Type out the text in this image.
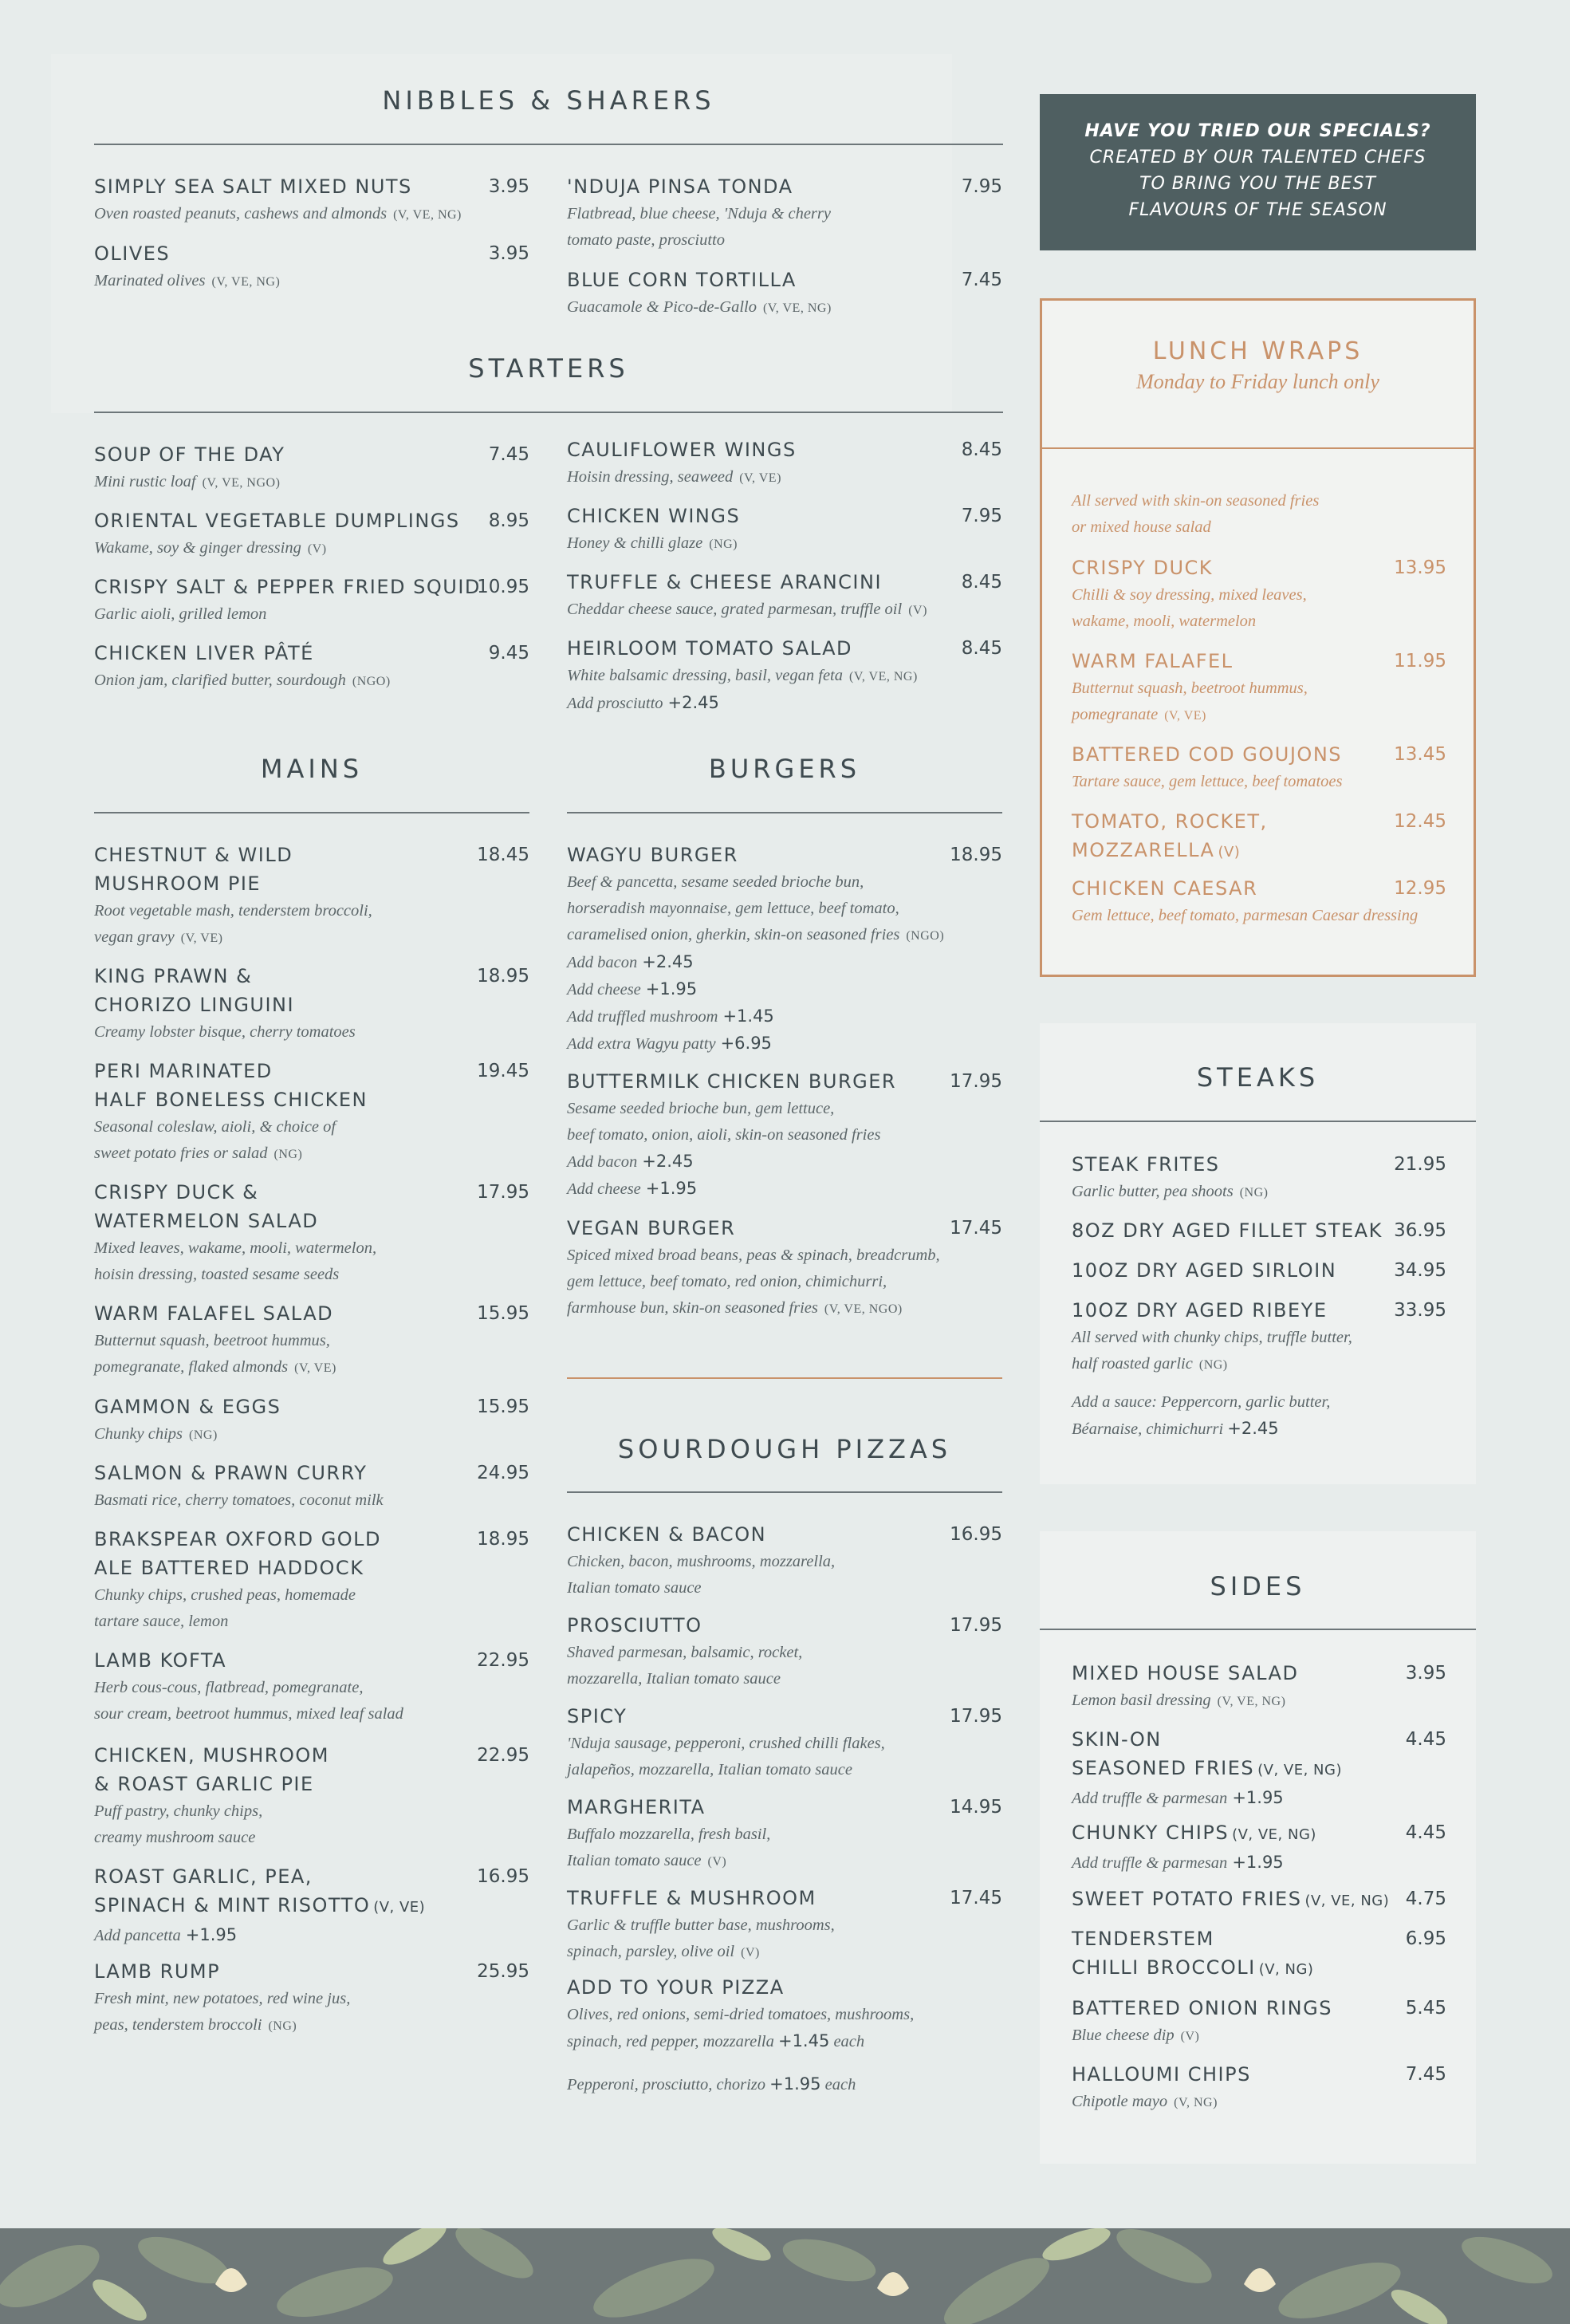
NIBBLES & SHARERS
STARTERS
MAINS	BURGERS
SOURDOUGH PIZZAS
ADD TO YOUR PIZZA
Olives, red onions, semi-dried tomatoes, mushrooms,
spinach, red pepper, mozzarella +1.45 each
Pepperoni, prosciutto, chorizo +1.95 each
HAVE YOU TRIED OUR SPECIALS?
CREATED BY OUR TALENTED CHEFS
TO BRING YOU THE BEST
FLAVOURS OF THE SEASON
LUNCH WRAPS
Monday to Friday lunch only
All served with skin-on seasoned fries
or mixed house salad
STEAKS
Add a sauce: Peppercorn, garlic butter,
Béarnaise, chimichurri +2.45
SIDES
SIMPLY SEA SALT MIXED NUTS	3.95
Oven roasted peanuts, cashews and almonds (V, VE, NG)
OLIVES	3.95
Marinated olives (V, VE, NG)
'NDUJA PINSA TONDA	7.95
Flatbread, blue cheese, 'Nduja & cherry
tomato paste, prosciutto
BLUE CORN TORTILLA	7.45
Guacamole & Pico-de-Gallo (V, VE, NG)
SOUP OF THE DAY	7.45
Mini rustic loaf (V, VE, NGO)
ORIENTAL VEGETABLE DUMPLINGS	8.95
Wakame, soy & ginger dressing (V)
CRISPY SALT & PEPPER FRIED SQUID
10.95
Garlic aioli, grilled lemon
CHICKEN LIVER PÂTÉ	9.45
Onion jam, clarified butter, sourdough (NGO)
CAULIFLOWER WINGS	8.45
Hoisin dressing, seaweed (V, VE)
CHICKEN WINGS	7.95
Honey & chilli glaze (NG)
TRUFFLE & CHEESE ARANCINI	8.45
Cheddar cheese sauce, grated parmesan, truffle oil (V)
HEIRLOOM TOMATO SALAD	8.45
White balsamic dressing, basil, vegan feta (V, VE, NG)
Add prosciutto +2.45
CHESTNUT & WILD
MUSHROOM PIE
18.45
Root vegetable mash, tenderstem broccoli,
vegan gravy (V, VE)
KING PRAWN &
CHORIZO LINGUINI
18.95
Creamy lobster bisque, cherry tomatoes
PERI MARINATED
HALF BONELESS CHICKEN
19.45
Seasonal coleslaw, aioli, & choice of
sweet potato fries or salad (NG)
CRISPY DUCK &
WATERMELON SALAD
17.95
Mixed leaves, wakame, mooli, watermelon,
hoisin dressing, toasted sesame seeds
WARM FALAFEL SALAD	15.95
Butternut squash, beetroot hummus,
pomegranate, flaked almonds (V, VE)
GAMMON & EGGS	15.95
Chunky chips (NG)
SALMON & PRAWN CURRY	24.95
Basmati rice, cherry tomatoes, coconut milk
BRAKSPEAR OXFORD GOLD
ALE BATTERED HADDOCK
18.95
Chunky chips, crushed peas, homemade
tartare sauce, lemon
LAMB KOFTA	22.95
Herb cous-cous, flatbread, pomegranate,
sour cream, beetroot hummus, mixed leaf salad
CHICKEN, MUSHROOM
& ROAST GARLIC PIE
22.95
Puff pastry, chunky chips,
creamy mushroom sauce
ROAST GARLIC, PEA,
SPINACH & MINT RISOTTO (V, VE)
16.95
Add pancetta +1.95
LAMB RUMP	25.95
Fresh mint, new potatoes, red wine jus,
peas, tenderstem broccoli (NG)
WAGYU BURGER	18.95
Beef & pancetta, sesame seeded brioche bun,
horseradish mayonnaise, gem lettuce, beef tomato,
caramelised onion, gherkin, skin-on seasoned fries (NGO)
Add bacon +2.45
Add cheese +1.95
Add truffled mushroom +1.45
Add extra Wagyu patty +6.95
BUTTERMILK CHICKEN BURGER	17.95
Sesame seeded brioche bun, gem lettuce,
beef tomato, onion, aioli, skin-on seasoned fries
Add bacon +2.45
Add cheese +1.95
VEGAN BURGER	17.45
Spiced mixed broad beans, peas & spinach, breadcrumb,
gem lettuce, beef tomato, red onion, chimichurri,
farmhouse bun, skin-on seasoned fries (V, VE, NGO)
CHICKEN & BACON	16.95
Chicken, bacon, mushrooms, mozzarella,
Italian tomato sauce
PROSCIUTTO	17.95
Shaved parmesan, balsamic, rocket,
mozzarella, Italian tomato sauce
SPICY	17.95
'Nduja sausage, pepperoni, crushed chilli flakes,
jalapeños, mozzarella, Italian tomato sauce
MARGHERITA	14.95
Buffalo mozzarella, fresh basil,
Italian tomato sauce (V)
TRUFFLE & MUSHROOM	17.45
Garlic & truffle butter base, mushrooms,
spinach, parsley, olive oil (V)
CRISPY DUCK	13.95
Chilli & soy dressing, mixed leaves,
wakame, mooli, watermelon
WARM FALAFEL	11.95
Butternut squash, beetroot hummus,
pomegranate (V, VE)
BATTERED COD GOUJONS	13.45
Tartare sauce, gem lettuce, beef tomatoes
TOMATO, ROCKET,
MOZZARELLA (V)
12.45
CHICKEN CAESAR	12.95
Gem lettuce, beef tomato, parmesan Caesar dressing
STEAK FRITES	21.95
Garlic butter, pea shoots (NG)
8OZ DRY AGED FILLET STEAK 36.95
10OZ DRY AGED SIRLOIN	34.95
10OZ DRY AGED RIBEYE	33.95
All served with chunky chips, truffle butter,
half roasted garlic (NG)
MIXED HOUSE SALAD	3.95
Lemon basil dressing (V, VE, NG)
SKIN-ON
SEASONED FRIES (V, VE, NG)
4.45
Add truffle & parmesan +1.95
CHUNKY CHIPS (V, VE, NG)	4.45
Add truffle & parmesan +1.95
SWEET POTATO FRIES (V, VE, NG) 4.75
TENDERSTEM
CHILLI BROCCOLI (V, NG)
6.95
BATTERED ONION RINGS	5.45
Blue cheese dip (V)
HALLOUMI CHIPS	7.45
Chipotle mayo (V, NG)
